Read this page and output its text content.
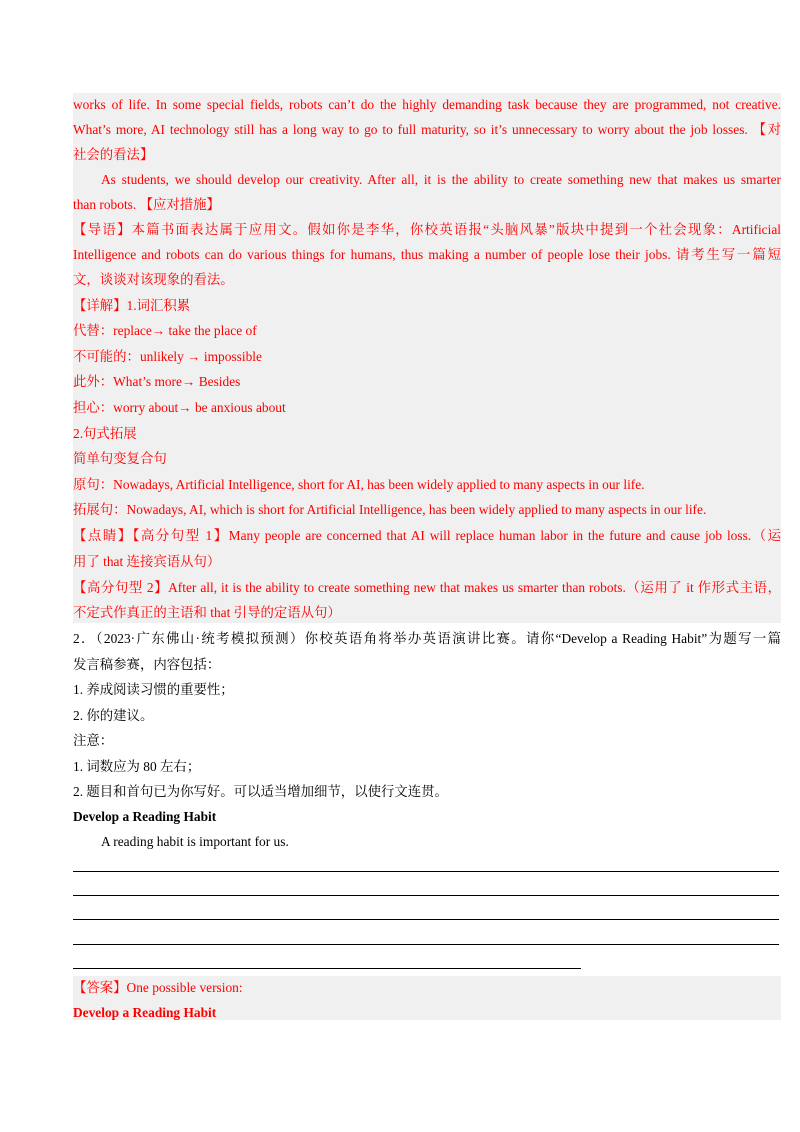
works of life. In some special fields, robots can’t do the highly demanding task because they are programmed, not creative.
What’s more, AI technology still has a long way to go to full maturity, so it’s unnecessary to worry about the job losses. 【对
社会的看法】
As students, we should develop our creativity. After all, it is the ability to create something new that makes us smarter
than robots. 【应对措施】
【导语】本篇书面表达属于应用文。假如你是李华，你校英语报“头脑风暴”版块中提到一个社会现象：Artificial
Intelligence and robots can do various things for humans, thus making a number of people lose their jobs. 请考生写一篇短
文，谈谈对该现象的看法。
【详解】1.词汇积累
代替：replace→ take the place of
不可能的：unlikely → impossible
此外：What’s more→ Besides
担心：worry about→ be anxious about
2.句式拓展
简单句变复合句
原句：Nowadays, Artificial Intelligence, short for AI, has been widely applied to many aspects in our life.
拓展句：Nowadays, AI, which is short for Artificial Intelligence, has been widely applied to many aspects in our life.
【点睛】【高分句型 1】Many people are concerned that AI will replace human labor in the future and cause job loss.（运
用了 that 连接宾语从句）
【高分句型 2】After all, it is the ability to create something new that makes us smarter than robots.（运用了 it 作形式主语，
不定式作真正的主语和 that 引导的定语从句）
2．（2023·广东佛山·统考模拟预测）你校英语角将举办英语演讲比赛。请你“Develop a Reading Habit”为题写一篇
发言稿参赛，内容包括：
1. 养成阅读习惯的重要性；
2. 你的建议。
注意：
1. 词数应为 80 左右；
2. 题目和首句已为你写好。可以适当增加细节，以使行文连贯。
Develop a Reading Habit
A reading habit is important for us.
【答案】One possible version:
Develop a Reading Habit
